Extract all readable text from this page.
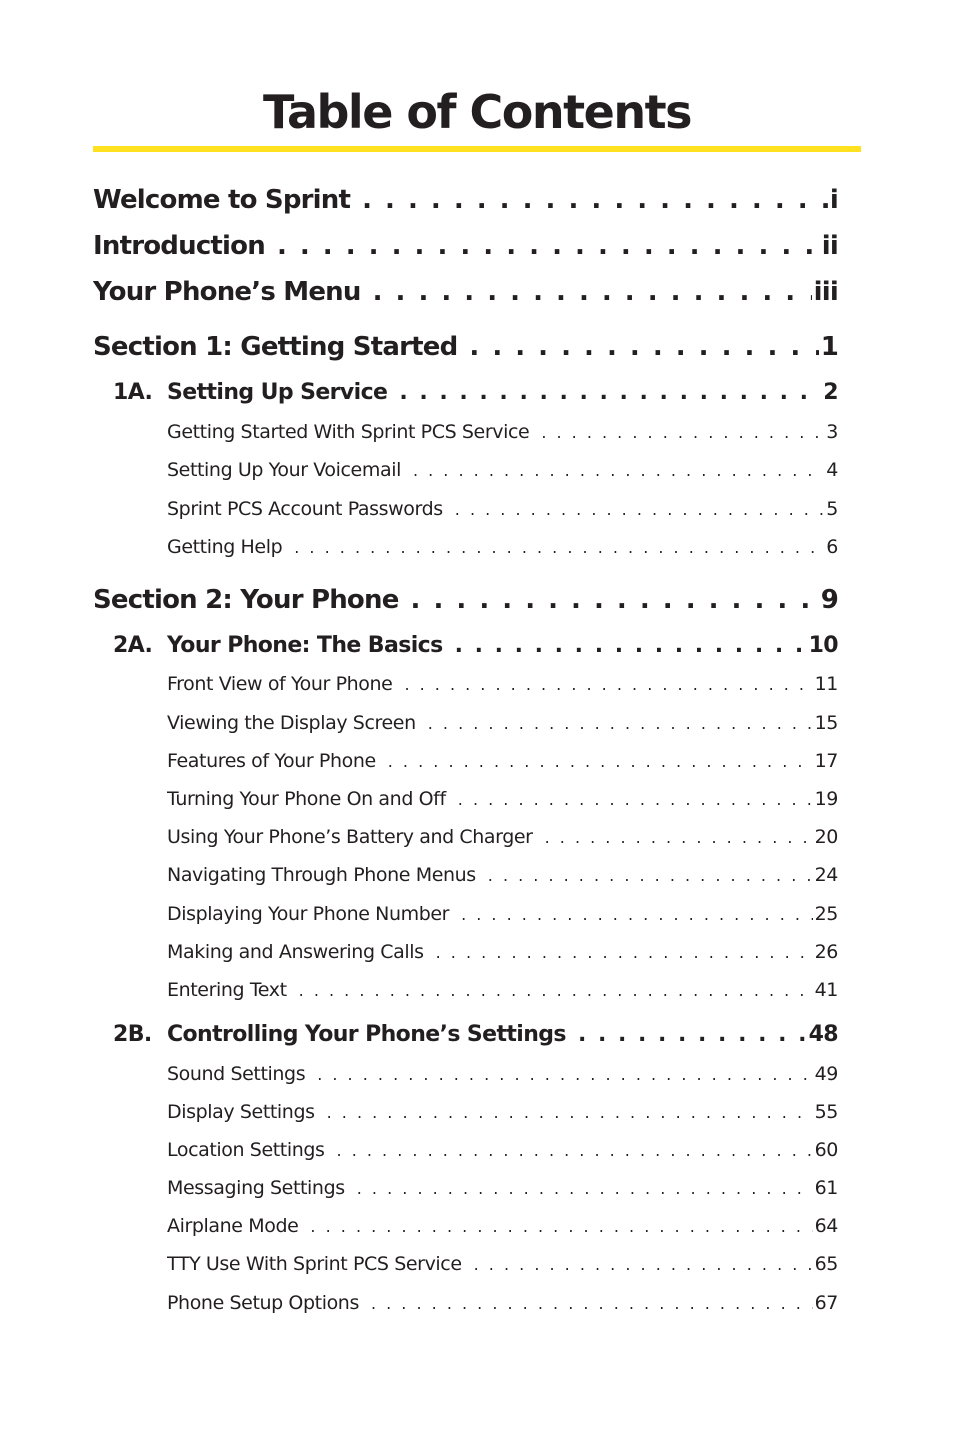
Table of Contents
Welcome to Sprint . . .	i
Introduction . . .	ii
Your Phone’s Menu . . .	iii
Section 1: Getting Started . . .	1
1A. Setting Up Service . . .	2
Getting Started With Sprint PCS Service . . .	3
Setting Up Your Voicemail . . .	4
Sprint PCS Account Passwords . . .	5
Getting Help . . .	6
Section 2: Your Phone . . .	9
2A. Your Phone: The Basics . . .	10
Front View of Your Phone . . .	11
Viewing the Display Screen . . .	15
Features of Your Phone . . .	17
Turning Your Phone On and Off . . .	19
Using Your Phone’s Battery and Charger . . .	20
Navigating Through Phone Menus . . .	24
Displaying Your Phone Number . . .	25
Making and Answering Calls . . .	26
Entering Text . . .	41
2B. Controlling Your Phone’s Settings . . .	48
Sound Settings . . .	49
Display Settings . . .	55
Location Settings . . .	60
Messaging Settings . . .	61
Airplane Mode . . .	64
TTY Use With Sprint PCS Service . . .	65
Phone Setup Options . . .	67
